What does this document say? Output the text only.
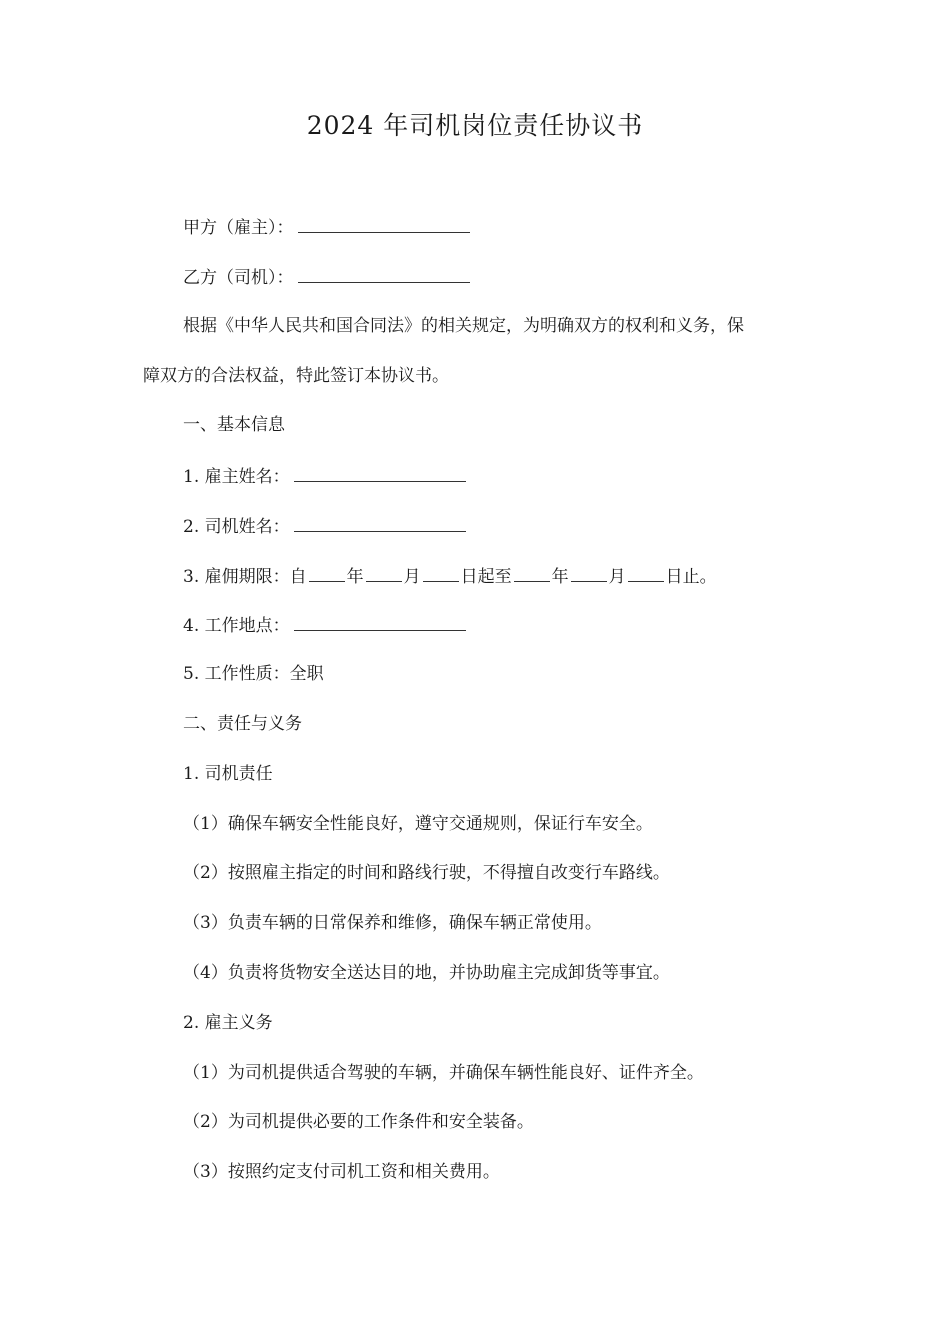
2024 年司机岗位责任协议书
甲方（雇主）：
乙方（司机）：
根据《中华人民共和国合同法》的相关规定，为明确双方的权利和义务，保
障双方的合法权益，特此签订本协议书。
一、基本信息
1. 雇主姓名：
2. 司机姓名：
3. 雇佣期限：自 年 月 日起至 年 月 日止。
4. 工作地点：
5. 工作性质：全职
二、责任与义务
1. 司机责任
（1）确保车辆安全性能良好，遵守交通规则，保证行车安全。
（2）按照雇主指定的时间和路线行驶，不得擅自改变行车路线。
（3）负责车辆的日常保养和维修，确保车辆正常使用。
（4）负责将货物安全送达目的地，并协助雇主完成卸货等事宜。
2. 雇主义务
（1）为司机提供适合驾驶的车辆，并确保车辆性能良好、证件齐全。
（2）为司机提供必要的工作条件和安全装备。
（3）按照约定支付司机工资和相关费用。
